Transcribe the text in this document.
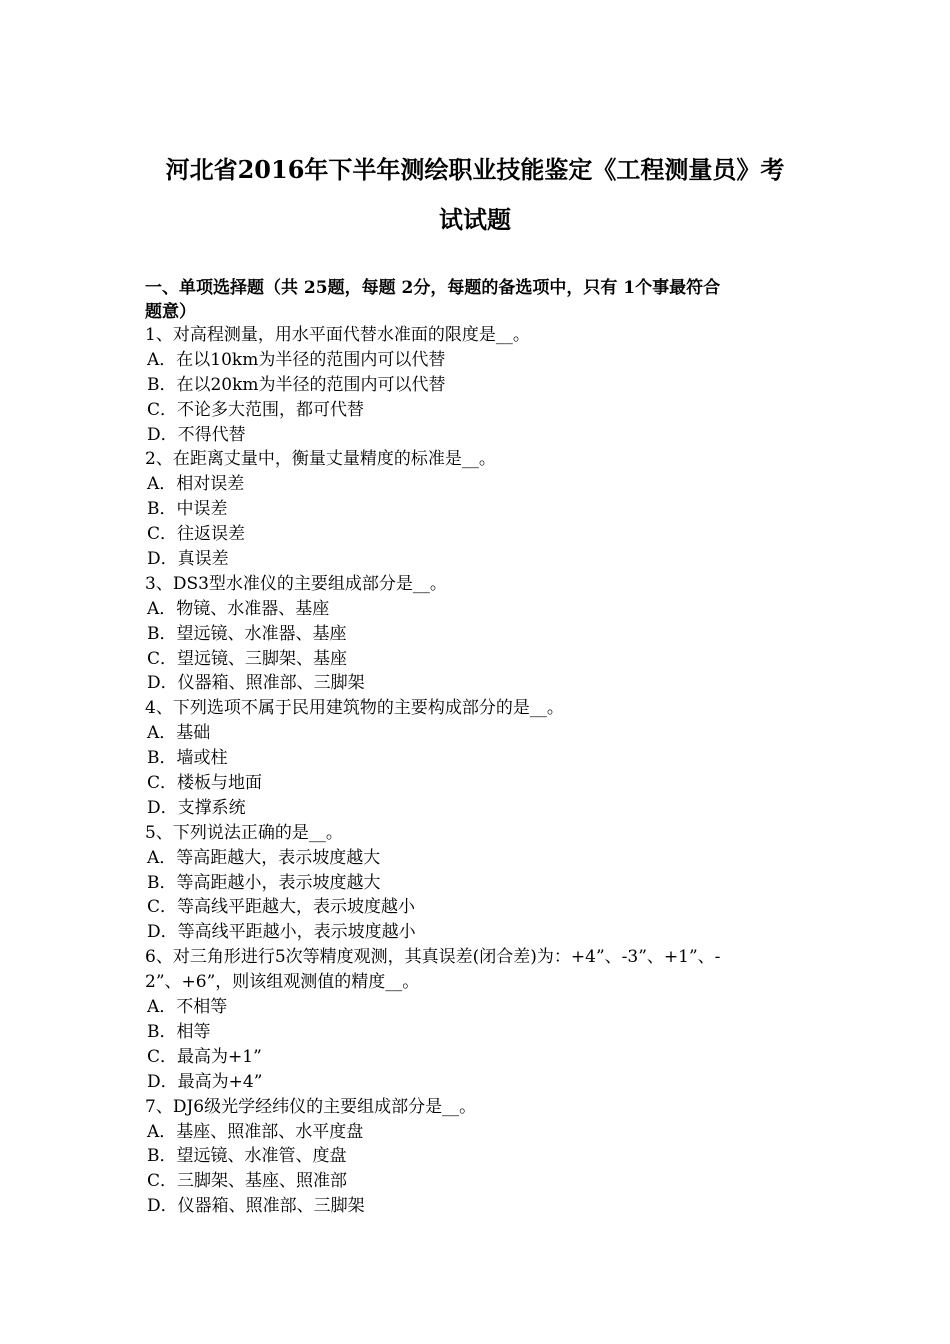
河北省2016年下半年测绘职业技能鉴定《工程测量员》考
试试题
一、单项选择题（共 25题，每题 2分，每题的备选项中，只有 1个事最符合
题意）
1、对高程测量，用水平面代替水准面的限度是__。
A．在以10km为半径的范围内可以代替
B．在以20km为半径的范围内可以代替
C．不论多大范围，都可代替
D．不得代替
2、在距离丈量中，衡量丈量精度的标准是__。
A．相对误差
B．中误差
C．往返误差
D．真误差
3、DS3型水准仪的主要组成部分是__。
A．物镜、水准器、基座
B．望远镜、水准器、基座
C．望远镜、三脚架、基座
D．仪器箱、照准部、三脚架
4、下列选项不属于民用建筑物的主要构成部分的是__。
A．基础
B．墙或柱
C．楼板与地面
D．支撑系统
5、下列说法正确的是__。
A．等高距越大，表示坡度越大
B．等高距越小，表示坡度越大
C．等高线平距越大，表示坡度越小
D．等高线平距越小，表示坡度越小
6、对三角形进行5次等精度观测，其真误差(闭合差)为：+4”、-3”、+1”、-
2”、+6”，则该组观测值的精度__。
A．不相等
B．相等
C．最高为+1”
D．最高为+4”
7、DJ6级光学经纬仪的主要组成部分是__。
A．基座、照准部、水平度盘
B．望远镜、水准管、度盘
C．三脚架、基座、照准部
D．仪器箱、照准部、三脚架
